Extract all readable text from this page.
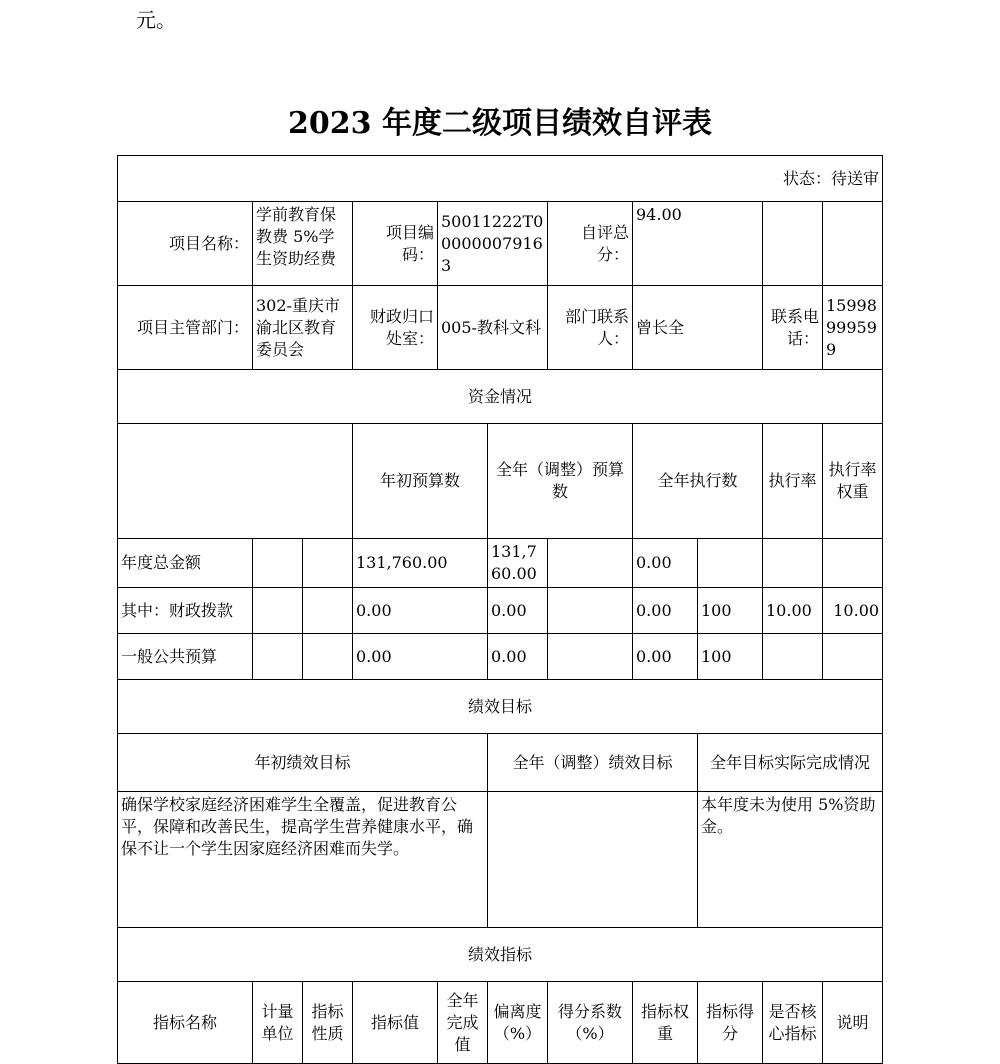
元。
2023 年度二级项目绩效自评表
状态：待送审											
项目名称：	学前教育保教费 5%学生资助经费		项目编码：	50011222T000000079163		自评总分：	94.00				
项目主管部门：	302-重庆市渝北区教育委员会		财政归口处室：	005-教科文科		部门联系人：	曾长全		联系电话：	15998999599	
资金情况											
			年初预算数		全年（调整）预算数		全年执行数		执行率	执行率权重	
年度总金额			131,760.00		131,760.00		0.00				
其中：财政拨款			0.00		0.00		0.00	100	10.00	10.00	
一般公共预算			0.00		0.00		0.00	100			
绩效目标											
年初绩效目标					全年（调整）绩效目标			全年目标实际完成情况			
确保学校家庭经济困难学生全覆盖，促进教育公平，保障和改善民生，提高学生营养健康水平，确保不让一个学生因家庭经济困难而失学。								本年度未为使用 5%资助金。			
绩效指标											
指标名称	计量单位	指标性质	指标值	全年完成值	偏离度（%）	得分系数（%）	指标权重	指标得分	是否核心指标	说明	
